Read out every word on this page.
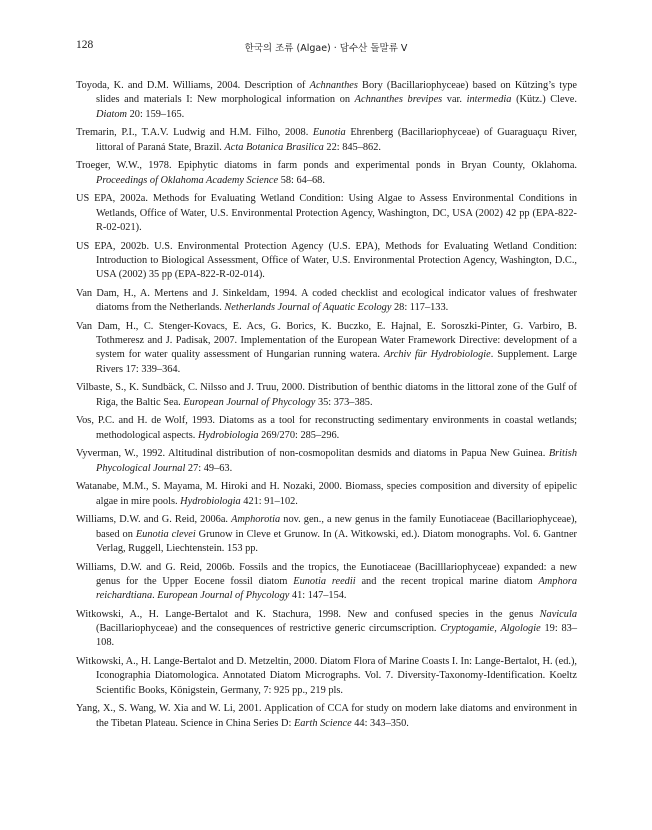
128	한국의 조류 (Algae) · 담수산 돌말류 V
Toyoda, K. and D.M. Williams, 2004. Description of Achnanthes Bory (Bacillariophyceae) based on Kützing’s type slides and materials I: New morphological information on Achnanthes brevipes var. intermedia (Kütz.) Cleve. Diatom 20: 159–165.
Tremarin, P.I., T.A.V. Ludwig and H.M. Filho, 2008. Eunotia Ehrenberg (Bacillariophyceae) of Guaraguaçu River, littoral of Paraná State, Brazil. Acta Botanica Brasilica 22: 845–862.
Troeger, W.W., 1978. Epiphytic diatoms in farm ponds and experimental ponds in Bryan County, Oklahoma. Proceedings of Oklahoma Academy Science 58: 64–68.
US EPA, 2002a. Methods for Evaluating Wetland Condition: Using Algae to Assess Environmental Conditions in Wetlands, Office of Water, U.S. Environmental Protection Agency, Washington, DC, USA (2002) 42 pp (EPA-822-R-02-021).
US EPA, 2002b. U.S. Environmental Protection Agency (U.S. EPA), Methods for Evaluating Wetland Condition: Introduction to Biological Assessment, Office of Water, U.S. Environmental Protection Agency, Washington, D.C., USA (2002) 35 pp (EPA-822-R-02-014).
Van Dam, H., A. Mertens and J. Sinkeldam, 1994. A coded checklist and ecological indicator values of freshwater diatoms from the Netherlands. Netherlands Journal of Aquatic Ecology 28: 117–133.
Van Dam, H., C. Stenger-Kovacs, E. Acs, G. Borics, K. Buczko, E. Hajnal, E. Soroszki-Pinter, G. Varbiro, B. Tothmeresz and J. Padisak, 2007. Implementation of the European Water Framework Directive: development of a system for water quality assessment of Hungarian running watera. Archiv für Hydrobiologie. Supplement. Large Rivers 17: 339–364.
Vilbaste, S., K. Sundbäck, C. Nilsso and J. Truu, 2000. Distribution of benthic diatoms in the littoral zone of the Gulf of Riga, the Baltic Sea. European Journal of Phycology 35: 373–385.
Vos, P.C. and H. de Wolf, 1993. Diatoms as a tool for reconstructing sedimentary environments in coastal wetlands; methodological aspects. Hydrobiologia 269/270: 285–296.
Vyverman, W., 1992. Altitudinal distribution of non-cosmopolitan desmids and diatoms in Papua New Guinea. British Phycological Journal 27: 49–63.
Watanabe, M.M., S. Mayama, M. Hiroki and H. Nozaki, 2000. Biomass, species composition and diversity of epipelic algae in mire pools. Hydrobiologia 421: 91–102.
Williams, D.W. and G. Reid, 2006a. Amphorotia nov. gen., a new genus in the family Eunotiaceae (Bacillariophyceae), based on Eunotia clevei Grunow in Cleve et Grunow. In (A. Witkowski, ed.). Diatom monographs. Vol. 6. Gantner Verlag, Ruggell, Liechtenstein. 153 pp.
Williams, D.W. and G. Reid, 2006b. Fossils and the tropics, the Eunotiaceae (Bacilllariophyceae) expanded: a new genus for the Upper Eocene fossil diatom Eunotia reedii and the recent tropical marine diatom Amphora reichardtiana. European Journal of Phycology 41: 147–154.
Witkowski, A., H. Lange-Bertalot and K. Stachura, 1998. New and confused species in the genus Navicula (Bacillariophyceae) and the consequences of restrictive generic circumscription. Cryptogamie, Algologie 19: 83–108.
Witkowski, A., H. Lange-Bertalot and D. Metzeltin, 2000. Diatom Flora of Marine Coasts I. In: Lange-Bertalot, H. (ed.), Iconographia Diatomologica. Annotated Diatom Micrographs. Vol. 7. Diversity-Taxonomy-Identification. Koeltz Scientific Books, Königstein, Germany, 7: 925 pp., 219 pls.
Yang, X., S. Wang, W. Xia and W. Li, 2001. Application of CCA for study on modern lake diatoms and environment in the Tibetan Plateau. Science in China Series D: Earth Science 44: 343–350.
